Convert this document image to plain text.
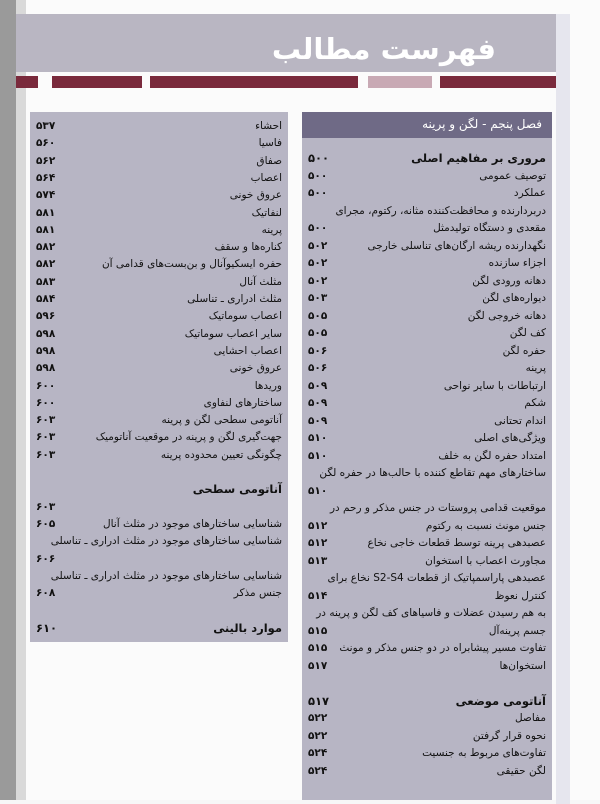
فهرست مطالب
فصل پنجم - لگن و پرینه
احشاء
۵۳۷
فاسیا
۵۶۰
صفاق
۵۶۲
اعصاب
۵۶۴
عروق خونی
۵۷۴
لنفاتیک
۵۸۱
پرینه
۵۸۱
کناره‌ها و سقف
۵۸۲
حفره ایسکیوآنال و بن‌بست‌های قدامی آن
۵۸۲
مثلث آنال
۵۸۳
مثلث ادراری ـ تناسلی
۵۸۴
اعصاب سوماتیک
۵۹۶
سایر اعصاب سوماتیک
۵۹۸
اعصاب احشایی
۵۹۸
عروق خونی
۵۹۸
وریدها
۶۰۰
ساختارهای لنفاوی
۶۰۰
آناتومی سطحی لگن و پرینه
۶۰۳
جهت‌گیری لگن و پرینه در موقعیت آناتومیک
۶۰۳
چگونگی تعیین محدوده پرینه
۶۰۳
آناتومی سطحی
۶۰۳
شناسایی ساختارهای موجود در مثلث آنال
۶۰۵
شناسایی ساختارهای موجود در مثلث ادراری ـ تناسلی
۶۰۶
شناسایی ساختارهای موجود در مثلث ادراری ـ تناسلی
جنس مذکر
۶۰۸
موارد بالینی
۶۱۰
مروری بر مفاهیم اصلی
۵۰۰
توصیف عمومی
۵۰۰
عملکرد
۵۰۰
دربردارنده و محافظت‌کننده مثانه، رکتوم، مجرای
مقعدی و دستگاه تولیدمثل
۵۰۰
نگهدارنده ریشه ارگان‌های تناسلی خارجی
۵۰۲
اجزاء سازنده
۵۰۲
دهانه ورودی لگن
۵۰۲
دیواره‌های لگن
۵۰۳
دهانه خروجی لگن
۵۰۵
کف لگن
۵۰۵
حفره لگن
۵۰۶
پرینه
۵۰۶
ارتباطات با سایر نواحی
۵۰۹
شکم
۵۰۹
اندام تحتانی
۵۰۹
ویژگی‌های اصلی
۵۱۰
امتداد حفره لگن به خلف
۵۱۰
ساختارهای مهم تقاطع کننده با حالب‌ها در حفره لگن
۵۱۰
موقعیت قدامی پروستات در جنس مذکر و رحم در
جنس مونث نسبت به رکتوم
۵۱۲
عصبدهی پرینه توسط قطعات خاجی نخاع
۵۱۲
مجاورت اعصاب با استخوان
۵۱۳
عصبدهی پاراسمپاتیک از قطعات S2-S4 نخاع برای
کنترل نعوظ
۵۱۴
به هم رسیدن عضلات و فاسیاهای کف لگن و پرینه در
جسم پرینه‌آل
۵۱۵
تفاوت مسیر پیشابراه در دو جنس مذکر و مونث
۵۱۵
استخوان‌ها
۵۱۷
آناتومی موضعی
۵۱۷
مفاصل
۵۲۲
نحوه قرار گرفتن
۵۲۲
تفاوت‌های مربوط به جنسیت
۵۲۴
لگن حقیقی
۵۲۴
